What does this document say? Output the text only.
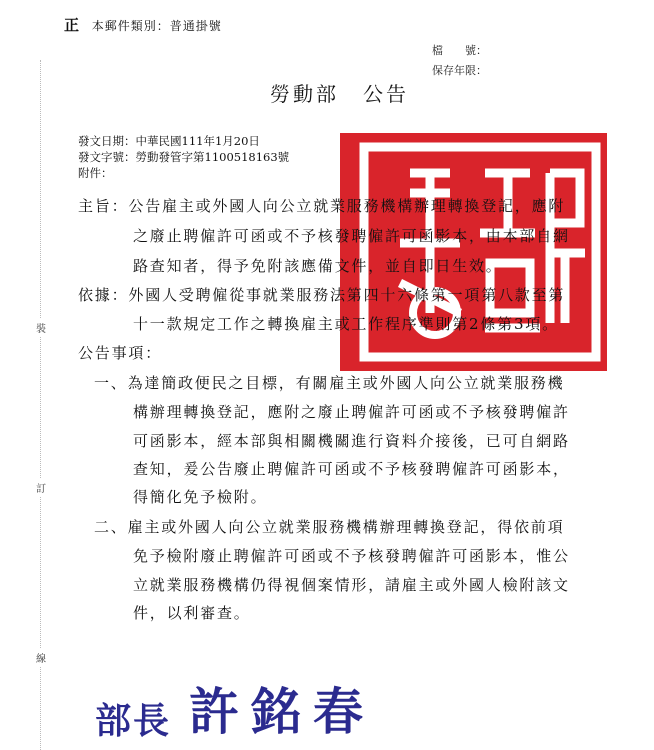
裝
訂
線
正 本郵件類別：普通掛號
檔　　號：
保存年限：
勞動部 公告
發文日期：中華民國111年1月20日
發文字號：勞動發管字第1100518163號
附件：
主旨：公告雇主或外國人向公立就業服務機構辦理轉換登記，應附
之廢止聘僱許可函或不予核發聘僱許可函影本，由本部自網
路查知者，得予免附該應備文件，並自即日生效。
依據：外國人受聘僱從事就業服務法第四十六條第一項第八款至第
十一款規定工作之轉換雇主或工作程序準則第2條第3項。
公告事項：
一、為達簡政便民之目標，有關雇主或外國人向公立就業服務機
構辦理轉換登記，應附之廢止聘僱許可函或不予核發聘僱許
可函影本，經本部與相關機關進行資料介接後，已可自網路
查知，爰公告廢止聘僱許可函或不予核發聘僱許可函影本，
得簡化免予檢附。
二、雇主或外國人向公立就業服務機構辦理轉換登記，得依前項
免予檢附廢止聘僱許可函或不予核發聘僱許可函影本，惟公
立就業服務機構仍得視個案情形，請雇主或外國人檢附該文
件，以利審查。
部長 許銘春
